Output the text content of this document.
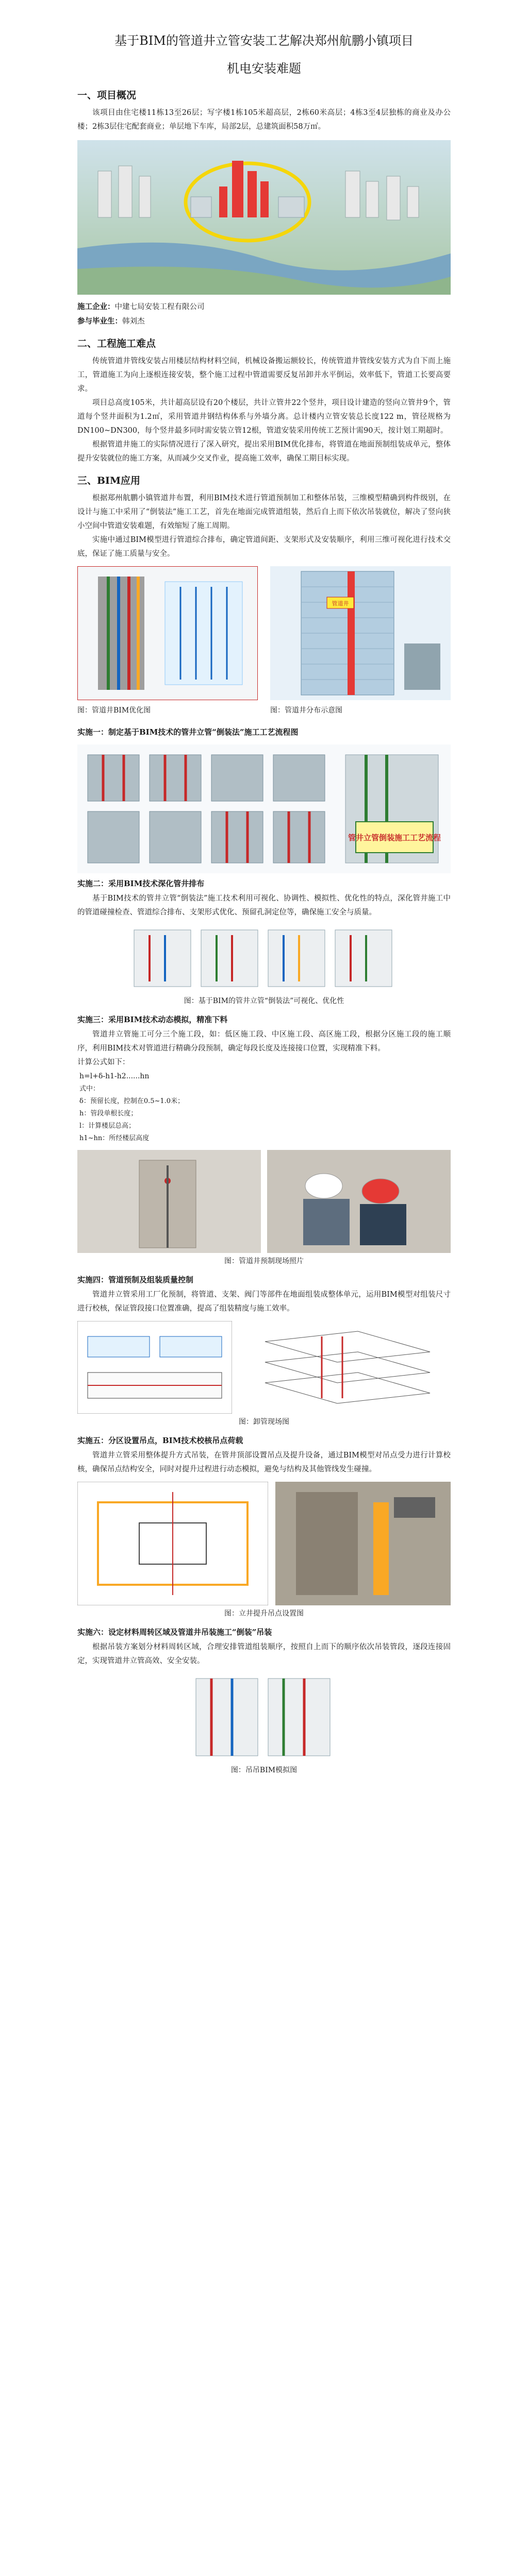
基于BIM的管道井立管安装工艺解决郑州航鹏小镇项目
机电安装难题
一、项目概况

该项目由住宅楼11栋13至26层；写字楼1栋105米超高层，2栋60米高层；4栋3至4层独栋的商业及办公楼；2栋3层住宅配套商业；单层地下车库，局部2层，总建筑面积58万㎡。

施工企业：中建七局安装工程有限公司

参与毕业生：韩刘杰

二、工程施工难点

传统管道井管线安装占用楼层结构材料空间，机械设备搬运额较长，传统管道井管线安装方式为自下而上施工，管道施工为向上逐根连接安装，整个施工过程中管道需要反复吊卸并水平倒运，效率低下，管道工长要高要求。

项目总高度105米，共计超高层设有20个楼层，共计立管井22个竖井，项目设计建造的竖向立管井9个，管道每个竖井面积为1.2㎡，采用管道井钢结构体系与外墙分离。总计楼内立管安装总长度122 m，管径规格为DN100~DN300，每个竖井最多同时需安装立管12根，管道安装采用传统工艺预计需90天，按计划工期超时。

根据管道井施工的实际情况进行了深入研究，提出采用BIM优化排布，将管道在地面预制组装成单元，整体提升安装就位的施工方案，从而减少交叉作业，提高施工效率，确保工期目标实现。

三、BIM应用

根据郑州航鹏小镇管道井布置，利用BIM技术进行管道预制加工和整体吊装，三维模型精确到构件级别，在设计与施工中采用了“倒装法”施工工艺，首先在地面完成管道组装，然后自上而下依次吊装就位，解决了竖向狭小空间中管道安装难题，有效缩短了施工周期。

实施中通过BIM模型进行管道综合排布，确定管道间距、支架形式及安装顺序，利用三维可视化进行技术交底，保证了施工质量与安全。

图：管道井BIM优化图
管道井
图：管道井分布示意图
实施一：制定基于BIM技术的管井立管“倒装法”施工工艺流程图
管井立管倒装施工工艺流程
实施二：采用BIM技术深化管井排布

基于BIM技术的管井立管“倒装法”施工技术利用可视化、协调性、模拟性、优化性的特点，深化管井施工中的管道碰撞检查、管道综合排布、支架形式优化、预留孔洞定位等，确保施工安全与质量。

图：基于BIM的管井立管“倒装法”可视化、优化性
实施三：采用BIM技术动态模拟，精准下料

管道井立管施工可分三个施工段，如：低区施工段、中区施工段、高区施工段，根据分区施工段的施工顺序，利用BIM技术对管道进行精确分段预制，确定每段长度及连接接口位置，实现精准下料。

计算公式如下：

h=l+δ-h1-h2......hn
式中：
δ：预留长度，控制在0.5~1.0米；
h：管段单根长度；
l：计算楼层总高；
h1~hn：所经楼层高度
图：管道井预制现场照片
实施四：管道预制及组装质量控制

管道井立管采用工厂化预制，将管道、支架、阀门等部件在地面组装成整体单元，运用BIM模型对组装尺寸进行校核，保证管段接口位置准确，提高了组装精度与施工效率。

图：卸管现场图
实施五：分区设置吊点，BIM技术校核吊点荷载

管道井立管采用整体提升方式吊装，在管井顶部设置吊点及提升设备，通过BIM模型对吊点受力进行计算校核，确保吊点结构安全，同时对提升过程进行动态模拟，避免与结构及其他管线发生碰撞。

图：立井提升吊点设置图
实施六：设定材料周转区域及管道井吊装施工“倒装”吊装

根据吊装方案划分材料周转区域，合理安排管道组装顺序，按照自上而下的顺序依次吊装管段，逐段连接固定，实现管道井立管高效、安全安装。

图：吊吊BIM模拟图
